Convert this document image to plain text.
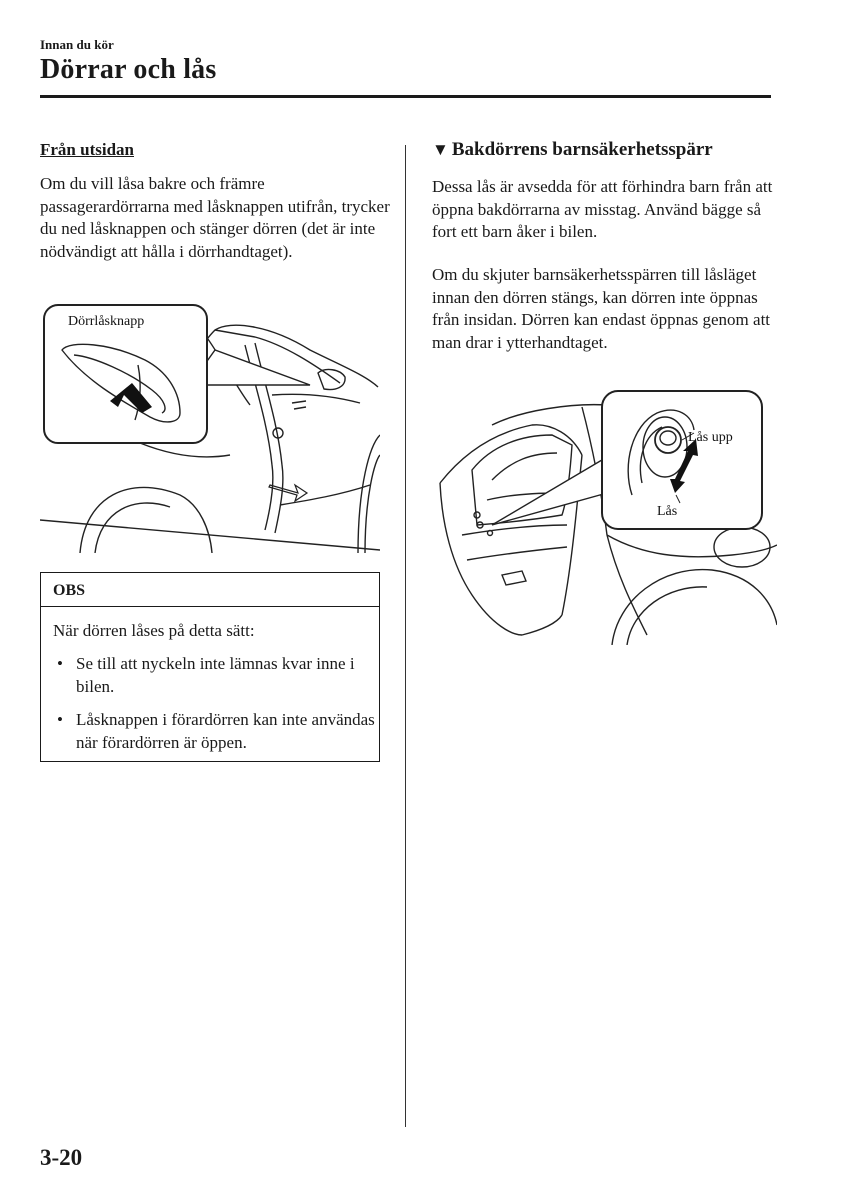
Innan du kör
Dörrar och lås
Från utsidan
Om du vill låsa bakre och främre passagerardörrarna med låsknappen utifrån, trycker du ned låsknappen och stänger dörren (det är inte nödvändigt att hålla i dörrhandtaget).
Dörrlåsknapp
OBS
När dörren låses på detta sätt:
• Se till att nyckeln inte lämnas kvar inne i bilen.
• Låsknappen i förardörren kan inte användas när förardörren är öppen.
▼ Bakdörrens barnsäkerhetsspärr
Dessa lås är avsedda för att förhindra barn från att öppna bakdörrarna av misstag. Använd bägge så fort ett barn åker i bilen.
Om du skjuter barnsäkerhetsspärren till låsläget innan den dörren stängs, kan dörren inte öppnas från insidan. Dörren kan endast öppnas genom att man drar i ytterhandtaget.
Lås upp
Lås
3-20
